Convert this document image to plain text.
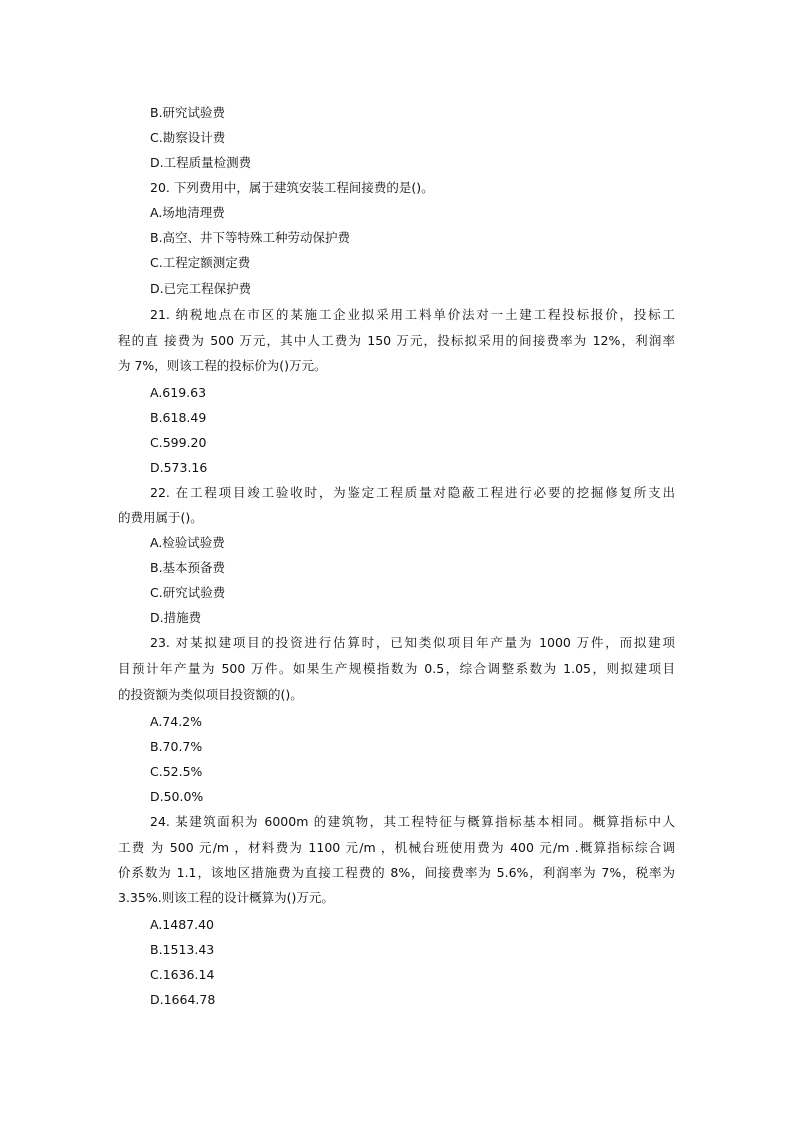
B.研究试验费
C.勘察设计费
D.工程质量检测费
20. 下列费用中，属于建筑安装工程间接费的是()。
A.场地清理费
B.高空、井下等特殊工种劳动保护费
C.工程定额测定费
D.已完工程保护费
21. 纳税地点在市区的某施工企业拟采用工料单价法对一土建工程投标报价，投标工
程的直 接费为 500 万元，其中人工费为 150 万元，投标拟采用的间接费率为 12%，利润率
为 7%，则该工程的投标价为()万元。
A.619.63
B.618.49
C.599.20
D.573.16
22. 在工程项目竣工验收时，为鉴定工程质量对隐蔽工程进行必要的挖掘修复所支出
的费用属于()。
A.检验试验费
B.基本预备费
C.研究试验费
D.措施费
23. 对某拟建项目的投资进行估算时，已知类似项目年产量为 1000 万件，而拟建项
目预计年产量为 500 万件。如果生产规模指数为 0.5，综合调整系数为 1.05，则拟建项目
的投资额为类似项目投资额的()。
A.74.2%
B.70.7%
C.52.5%
D.50.0%
24. 某建筑面积为 6000m 的建筑物，其工程特征与概算指标基本相同。概算指标中人
工费 为 500 元/m ，材料费为 1100 元/m ，机械台班使用费为 400 元/m .概算指标综合调
价系数为 1.1，该地区措施费为直接工程费的 8%，间接费率为 5.6%，利润率为 7%，税率为
3.35%.则该工程的设计概算为()万元。
A.1487.40
B.1513.43
C.1636.14
D.1664.78
